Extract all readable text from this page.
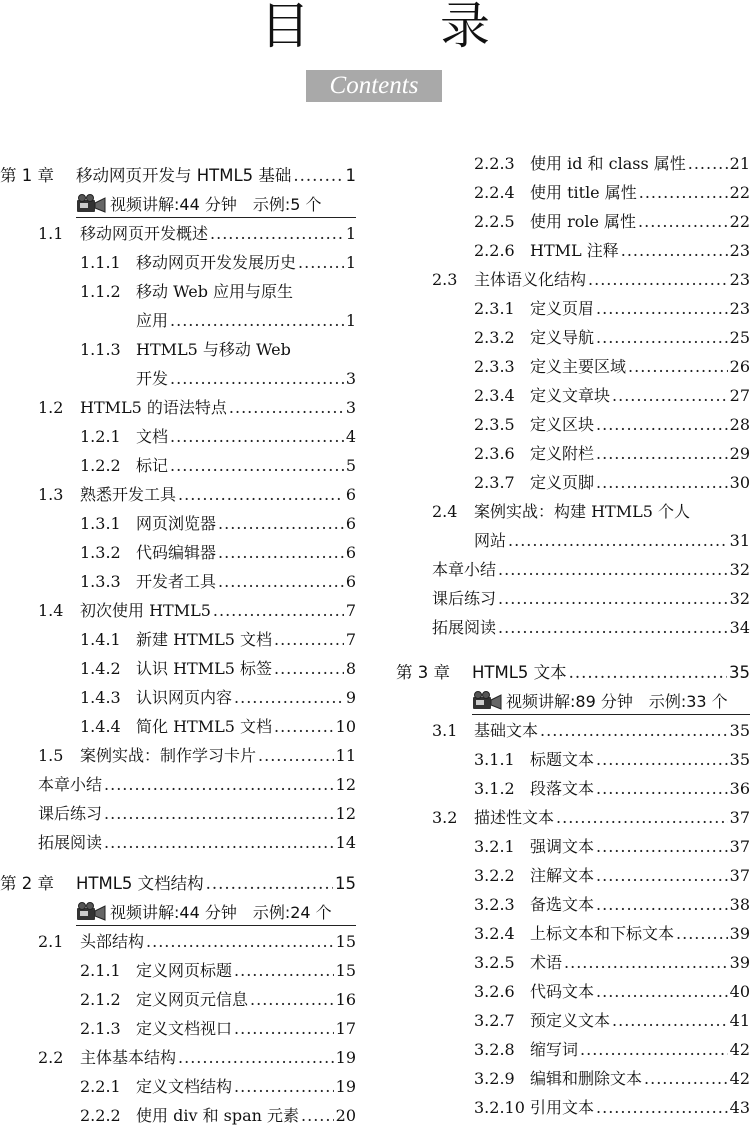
目　录
Contents
第 1 章	移动网页开发与 HTML5 基础 .....	1
视频讲解:44 分钟　示例:5 个
1.1	移动网页开发概述 .....	1
1.1.1 移动网页开发发展历史 .....	1
1.1.2 移动 Web 应用与原生
应用 .....	1
1.1.3 HTML5 与移动 Web
开发 .....	3
1.2	HTML5 的语法特点 .....	3
1.2.1 文档 .....	4
1.2.2 标记 .....	5
1.3	熟悉开发工具 .....	6
1.3.1 网页浏览器 .....	6
1.3.2 代码编辑器 .....	6
1.3.3 开发者工具 .....	6
1.4	初次使用 HTML5 .....	7
1.4.1 新建 HTML5 文档 .....	7
1.4.2 认识 HTML5 标签 .....	8
1.4.3 认识网页内容 .....	9
1.4.4 简化 HTML5 文档 .....	10
1.5	案例实战：制作学习卡片 .....	11
本章小结 .....	12
课后练习 .....	12
拓展阅读 .....	14
第 2 章	HTML5 文档结构 .....	15
视频讲解:44 分钟　示例:24 个
2.1	头部结构 .....	15
2.1.1 定义网页标题 .....	15
2.1.2 定义网页元信息 .....	16
2.1.3 定义文档视口 .....	17
2.2	主体基本结构 .....	19
2.2.1 定义文档结构 .....	19
2.2.2 使用 div 和 span 元素 ..... 20
2.2.3 使用 id 和 class 属性 .....	21
2.2.4 使用 title 属性 .....	22
2.2.5 使用 role 属性 .....	22
2.2.6 HTML 注释 .....	23
2.3	主体语义化结构 .....	23
2.3.1 定义页眉 .....	23
2.3.2 定义导航 .....	25
2.3.3 定义主要区域 .....	26
2.3.4 定义文章块 .....	27
2.3.5 定义区块 .....	28
2.3.6 定义附栏 .....	29
2.3.7 定义页脚 .....	30
2.4	案例实战：构建 HTML5 个人
网站 .....	31
本章小结 .....	32
课后练习 .....	32
拓展阅读 .....	34
第 3 章	HTML5 文本 .....	35
视频讲解:89 分钟　示例:33 个
3.1	基础文本 .....	35
3.1.1 标题文本 .....	35
3.1.2 段落文本 .....	36
3.2	描述性文本 .....	37
3.2.1 强调文本 .....	37
3.2.2 注解文本 .....	37
3.2.3 备选文本 .....	38
3.2.4 上标文本和下标文本 .....	39
3.2.5 术语 .....	39
3.2.6 代码文本 .....	40
3.2.7 预定义文本 .....	41
3.2.8 缩写词 .....	42
3.2.9 编辑和删除文本 .....	42
3.2.10 引用文本 .....	43
